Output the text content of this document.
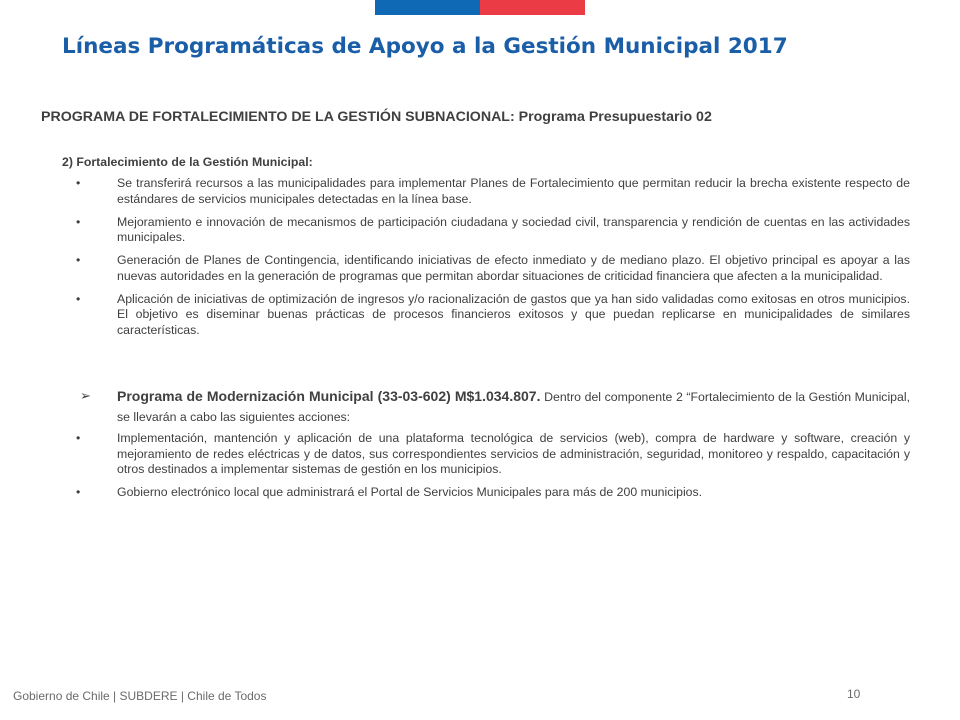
Líneas Programáticas de Apoyo a la Gestión Municipal 2017
PROGRAMA DE FORTALECIMIENTO DE LA GESTIÓN SUBNACIONAL: Programa Presupuestario 02
2) Fortalecimiento de la Gestión Municipal:
•	Se transferirá recursos a las municipalidades para implementar Planes de Fortalecimiento que permitan reducir la brecha existente respecto de estándares de servicios municipales detectadas en la línea base.
•	Mejoramiento e innovación de mecanismos de participación ciudadana y sociedad civil, transparencia y rendición de cuentas en las actividades municipales.
•	Generación de Planes de Contingencia, identificando iniciativas de efecto inmediato y de mediano plazo. El objetivo principal es apoyar a las nuevas autoridades en la generación de programas que permitan abordar situaciones de criticidad financiera que afecten a la municipalidad.
•	Aplicación de iniciativas de optimización de ingresos y/o racionalización de gastos que ya han sido validadas como exitosas en otros municipios. El objetivo es diseminar buenas prácticas de procesos financieros exitosos y que puedan replicarse en municipalidades de similares características.
➢ Programa de Modernización Municipal (33-03-602) M$1.034.807. Dentro del componente 2 “Fortalecimiento de la Gestión Municipal, se llevarán a cabo las siguientes acciones:
•	Implementación, mantención y aplicación de una plataforma tecnológica de servicios (web), compra de hardware y software, creación y mejoramiento de redes eléctricas y de datos, sus correspondientes servicios de administración, seguridad, monitoreo y respaldo, capacitación y otros destinados a implementar sistemas de gestión en los municipios.
•	Gobierno electrónico local que administrará el Portal de Servicios Municipales para más de 200 municipios.
Gobierno de Chile | SUBDERE | Chile de Todos	10
